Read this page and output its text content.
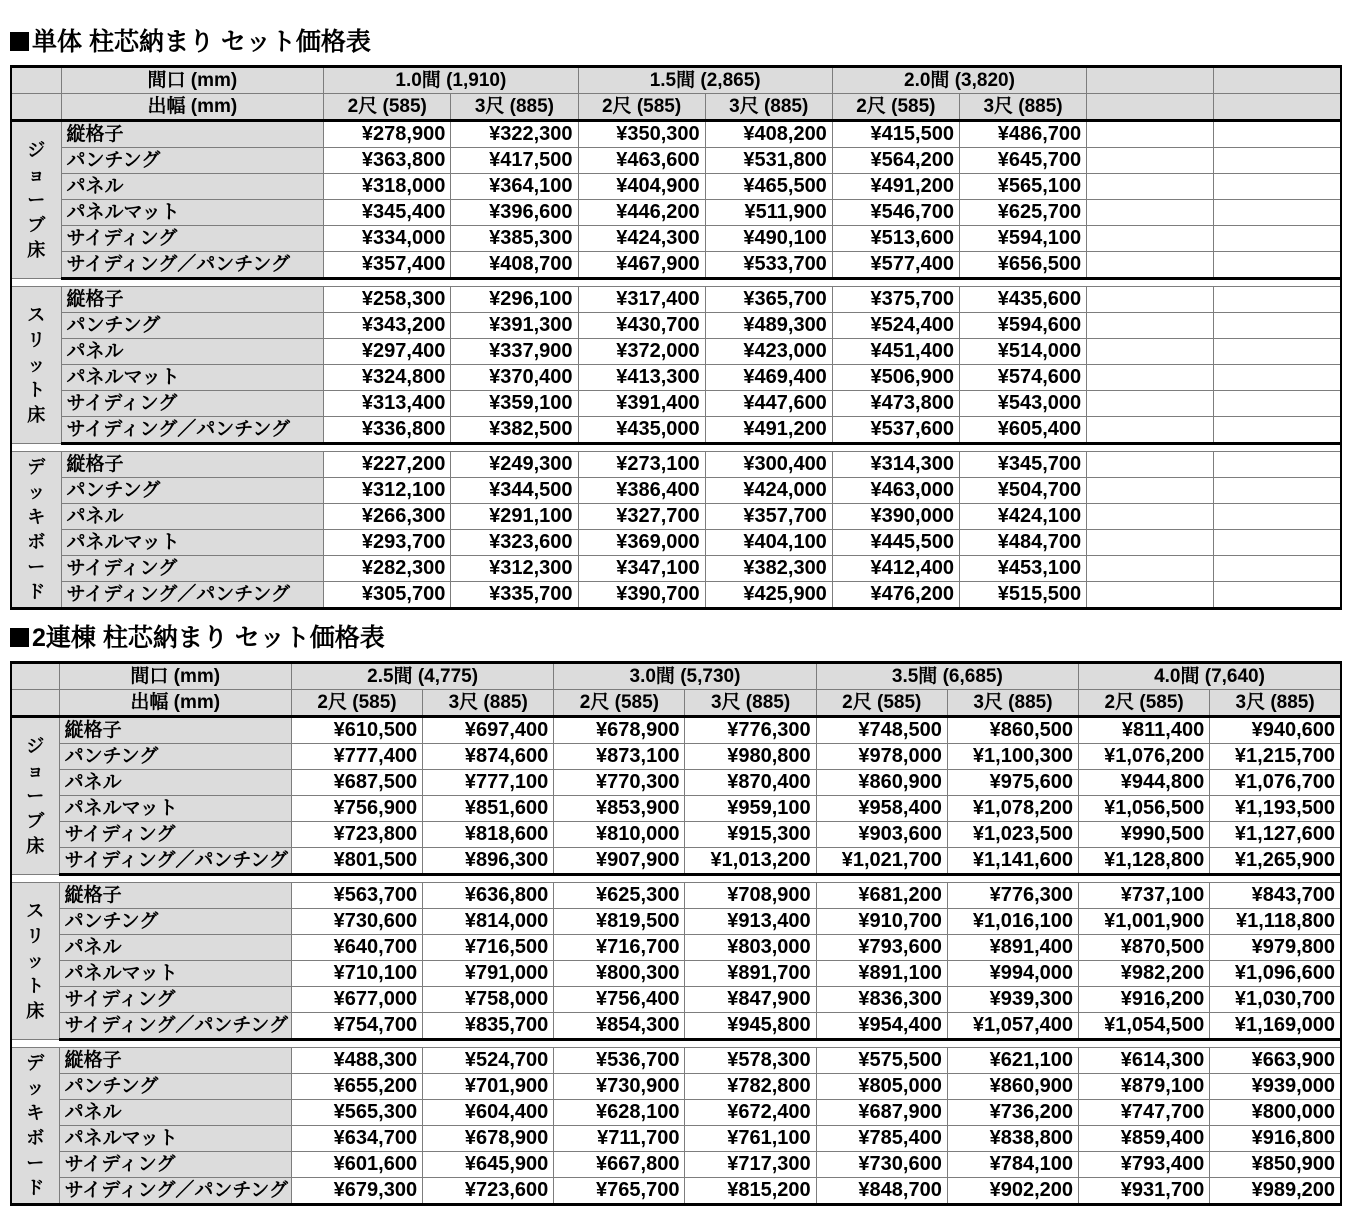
単体 柱芯納まり セット価格表
	間口 (mm)	1.0間 (1,910)		1.5間 (2,865)		2.0間 (3,820)			
	出幅 (mm)	2尺 (585)	3尺 (885)	2尺 (585)	3尺 (885)	2尺 (585)	3尺 (885)		

ジ
ョ
ー
ブ
床	縦格子	¥278,900	¥322,300	¥350,300	¥408,200	¥415,500	¥486,700		
	パンチング	¥363,800	¥417,500	¥463,600	¥531,800	¥564,200	¥645,700		
	パネル	¥318,000	¥364,100	¥404,900	¥465,500	¥491,200	¥565,100		
	パネルマット	¥345,400	¥396,600	¥446,200	¥511,900	¥546,700	¥625,700		
	サイディング	¥334,000	¥385,300	¥424,300	¥490,100	¥513,600	¥594,100		
	サイディング／パンチング	¥357,400	¥408,700	¥467,900	¥533,700	¥577,400	¥656,500		

ス
リ
ッ
ト
床	縦格子	¥258,300	¥296,100	¥317,400	¥365,700	¥375,700	¥435,600		
	パンチング	¥343,200	¥391,300	¥430,700	¥489,300	¥524,400	¥594,600		
	パネル	¥297,400	¥337,900	¥372,000	¥423,000	¥451,400	¥514,000		
	パネルマット	¥324,800	¥370,400	¥413,300	¥469,400	¥506,900	¥574,600		
	サイディング	¥313,400	¥359,100	¥391,400	¥447,600	¥473,800	¥543,000		
	サイディング／パンチング	¥336,800	¥382,500	¥435,000	¥491,200	¥537,600	¥605,400		

デ
ッ
キ
ボ
ー
ド
	縦格子	¥227,200	¥249,300	¥273,100	¥300,400	¥314,300	¥345,700		
	パンチング	¥312,100	¥344,500	¥386,400	¥424,000	¥463,000	¥504,700		
	パネル	¥266,300	¥291,100	¥327,700	¥357,700	¥390,000	¥424,100		
	パネルマット	¥293,700	¥323,600	¥369,000	¥404,100	¥445,500	¥484,700		
	サイディング	¥282,300	¥312,300	¥347,100	¥382,300	¥412,400	¥453,100		
	サイディング／パンチング	¥305,700	¥335,700	¥390,700	¥425,900	¥476,200	¥515,500		
2連棟 柱芯納まり セット価格表
	間口 (mm)	2.5間 (4,775)		3.0間 (5,730)		3.5間 (6,685)		4.0間 (7,640)	
	出幅 (mm)	2尺 (585)	3尺 (885)	2尺 (585)	3尺 (885)	2尺 (585)	3尺 (885)	2尺 (585)	3尺 (885)

ジ
ョ
ー
ブ
床	縦格子	¥610,500	¥697,400	¥678,900	¥776,300	¥748,500	¥860,500	¥811,400	¥940,600
	パンチング	¥777,400	¥874,600	¥873,100	¥980,800	¥978,000	¥1,100,300	¥1,076,200	¥1,215,700
	パネル	¥687,500	¥777,100	¥770,300	¥870,400	¥860,900	¥975,600	¥944,800	¥1,076,700
	パネルマット	¥756,900	¥851,600	¥853,900	¥959,100	¥958,400	¥1,078,200	¥1,056,500	¥1,193,500
	サイディング	¥723,800	¥818,600	¥810,000	¥915,300	¥903,600	¥1,023,500	¥990,500	¥1,127,600
	サイディング／パンチング	¥801,500	¥896,300	¥907,900	¥1,013,200	¥1,021,700	¥1,141,600	¥1,128,800	¥1,265,900

ス
リ
ッ
ト
床	縦格子	¥563,700	¥636,800	¥625,300	¥708,900	¥681,200	¥776,300	¥737,100	¥843,700
	パンチング	¥730,600	¥814,000	¥819,500	¥913,400	¥910,700	¥1,016,100	¥1,001,900	¥1,118,800
	パネル	¥640,700	¥716,500	¥716,700	¥803,000	¥793,600	¥891,400	¥870,500	¥979,800
	パネルマット	¥710,100	¥791,000	¥800,300	¥891,700	¥891,100	¥994,000	¥982,200	¥1,096,600
	サイディング	¥677,000	¥758,000	¥756,400	¥847,900	¥836,300	¥939,300	¥916,200	¥1,030,700
	サイディング／パンチング	¥754,700	¥835,700	¥854,300	¥945,800	¥954,400	¥1,057,400	¥1,054,500	¥1,169,000

デ
ッ
キ
ボ
ー
ド
	縦格子	¥488,300	¥524,700	¥536,700	¥578,300	¥575,500	¥621,100	¥614,300	¥663,900
	パンチング	¥655,200	¥701,900	¥730,900	¥782,800	¥805,000	¥860,900	¥879,100	¥939,000
	パネル	¥565,300	¥604,400	¥628,100	¥672,400	¥687,900	¥736,200	¥747,700	¥800,000
	パネルマット	¥634,700	¥678,900	¥711,700	¥761,100	¥785,400	¥838,800	¥859,400	¥916,800
	サイディング	¥601,600	¥645,900	¥667,800	¥717,300	¥730,600	¥784,100	¥793,400	¥850,900
	サイディング／パンチング	¥679,300	¥723,600	¥765,700	¥815,200	¥848,700	¥902,200	¥931,700	¥989,200
